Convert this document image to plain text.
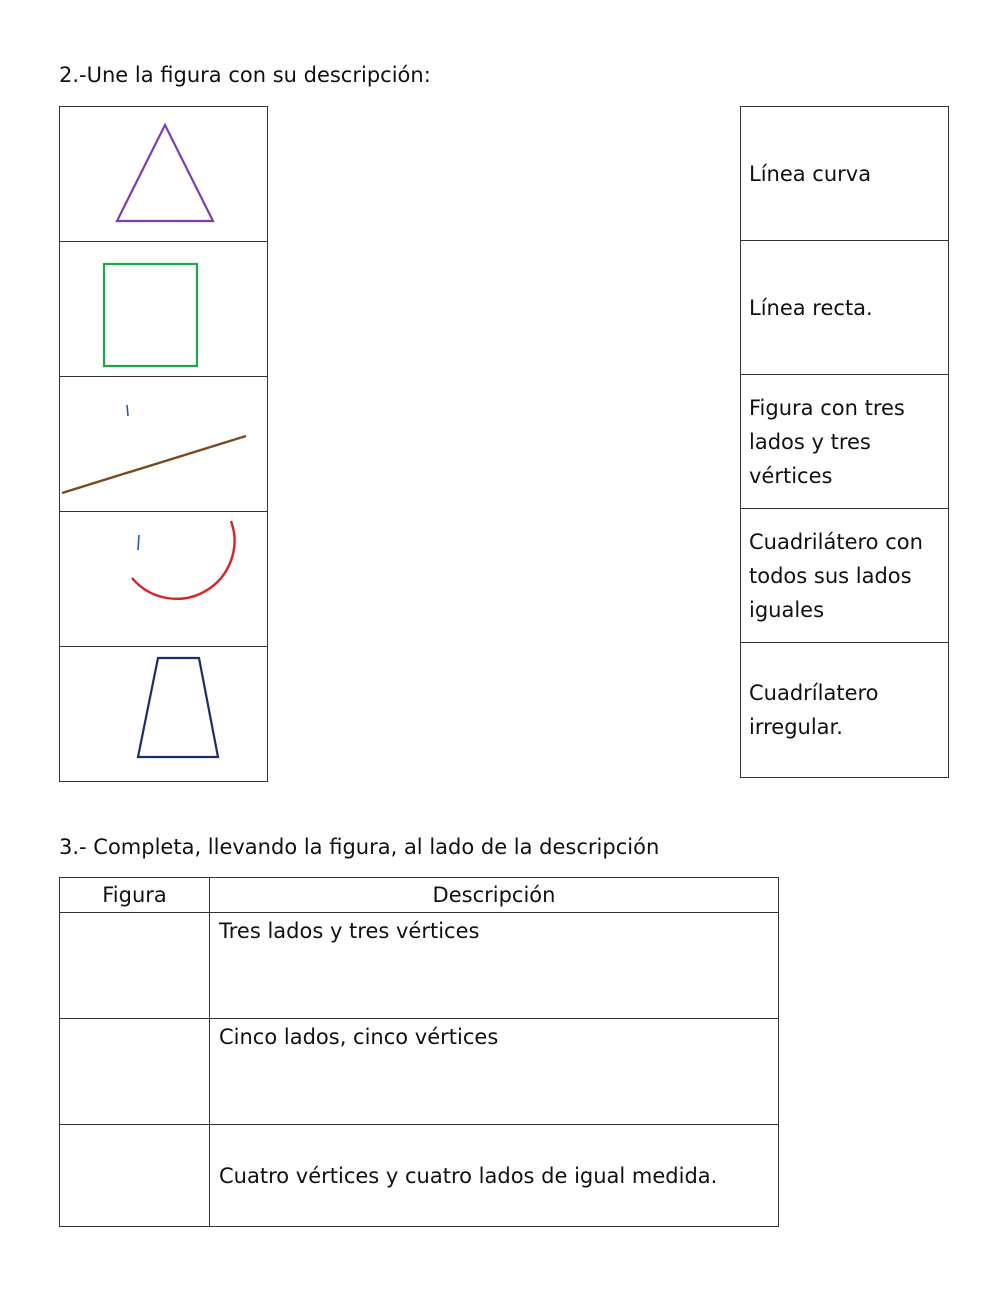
2.-Une la figura con su descripción:
Línea curva
Línea recta.
Figura con tres lados y tres vértices
Cuadrilátero con todos sus lados iguales
Cuadrílatero irregular.
3.- Completa, llevando la figura, al lado de la descripción
Figura	Descripción
	Tres lados y tres vértices
	Cinco lados, cinco vértices
	Cuatro vértices y cuatro lados de igual medida.
